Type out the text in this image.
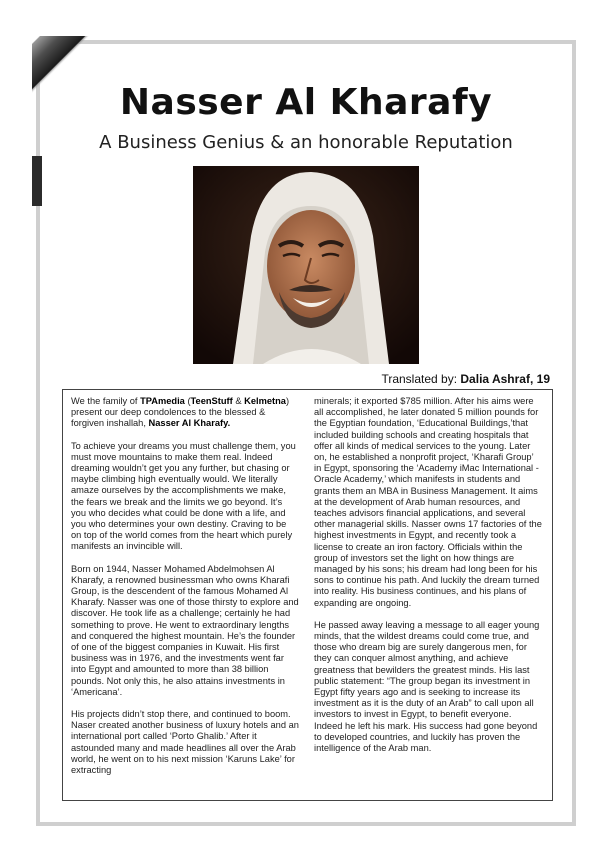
Nasser Al Kharafy
A Business Genius & an honorable Reputation
Translated by: Dalia Ashraf, 19

We the family of TPAmedia (TeenStuff & Kelmetna) present our deep condolences to the blessed & forgiven inshallah, Nasser Al Kharafy.

To achieve your dreams you must challenge them, you must move mountains to make them real. Indeed dreaming wouldn’t get you any further, but chasing or maybe climbing high eventually would. We literally amaze ourselves by the accomplishments we make, the fears we break and the limits we go beyond. It’s you who decides what could be done with a life, and you who determines your own destiny. Craving to be on top of the world comes from the heart which purely manifests an invincible will.

Born on 1944, Nasser Mohamed Abdelmohsen Al Kharafy, a renowned businessman who owns Kharafi Group, is the descendent of the famous Mohamed Al Kharafy. Nasser was one of those thirsty to explore and discover. He took life as a challenge; certainly he had something to prove. He went to extraordinary lengths and conquered the highest mountain. He’s the founder of one of the biggest companies in Kuwait. His first business was in 1976, and the investments went far into Egypt and amounted to more than 38 billion pounds. Not only this, he also attains investments in ‘Americana’.

His projects didn’t stop there, and continued to boom. Naser created another business of luxury hotels and an international port called ‘Porto Ghalib.’ After it astounded many and made headlines all over the Arab world, he went on to his next mission ‘Karuns Lake’ for extracting

minerals; it exported $785 million. After his aims were all accomplished, he later donated 5 million pounds for the Egyptian foundation, ‘Educational Buildings,’that included building schools and creating hospitals that offer all kinds of medical services to the young. Later on, he established a nonprofit project, ‘Kharafi Group’ in Egypt, sponsoring the ‘Academy iMac International - Oracle Academy,’ which manifests in students and grants them an MBA in Business Management. It aims at the development of Arab human resources, and teaches advisors financial applications, and several other managerial skills. Nasser owns 17 factories of the highest investments in Egypt, and recently took a license to create an iron factory. Officials within the group of investors set the light on how things are managed by his sons; his dream had long been for his sons to continue his path. And luckily the dream turned into reality. His business continues, and his plans of expanding are ongoing.

He passed away leaving a message to all eager young minds, that the wildest dreams could come true, and those who dream big are surely dangerous men, for they can conquer almost anything, and achieve greatness that bewilders the greatest minds. His last public statement: “The group began its investment in Egypt fifty years ago and is seeking to increase its investment as it is the duty of an Arab” to call upon all investors to invest in Egypt, to benefit everyone. Indeed he left his mark. His success had gone beyond to developed countries, and luckily has proven the intelligence of the Arab man.
